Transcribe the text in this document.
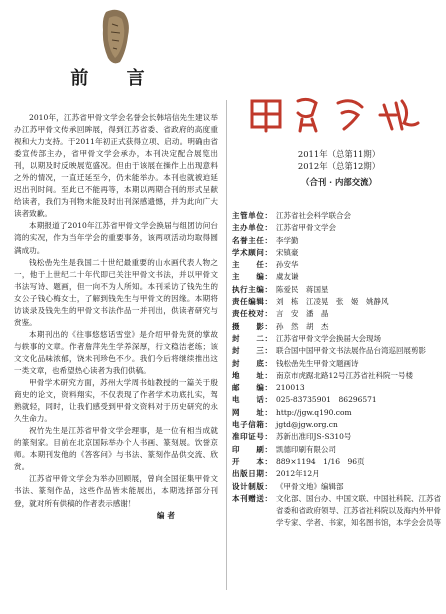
前 言

2010年，江苏省甲骨文学会名誉会长韩培信先生建议举办江苏甲骨文传承回眸展，得到江苏省委、省政府的高度重视和大力支持。于2011年初正式获得立项、启动。明确由省委宣传部主办，省甲骨文学会承办，本刊决定配合展览出刊，以期及时反映展览盛况。但由于该展在操作上出现意料之外的情况，一直迁延至今，仍未能举办。本刊也就被迫延迟出刊时间。至此已不能再等，本期以两期合刊的形式呈献给读者，我们为刊物未能及时出刊深感遗憾，并为此向广大读者致歉。

本期报道了2010年江苏省甲骨文学会换届与组团访问台湾的实况，作为当年学会的重要事务，该两项活动均取得圆满成功。

钱松嵒先生是我国二十世纪最重要的山水画代表人物之一，他于上世纪二十年代即已关注甲骨文书法，并以甲骨文书法写诗、题画，但一向不为人所知。本刊采访了钱先生的女公子钱心梅女士，了解到钱先生与甲骨文的因缘。本期将访谈录及钱先生的甲骨文书法作品一并刊出，供读者研究与赏鉴。

本期刊出的《往事悠悠话雪堂》是介绍甲骨先贤的掌故与轶事的文章。作者詹萍先生学养深厚，行文稳洁老练；该文文化品味浓郁，饶未刊珍色不少。我们今后将继续推出这一类文章，也希望热心读者为我们供稿。

甲骨学术研究方面，苏州大学周书灿教授的一篇关于殷商史的论文，资料翔实，不仅表现了作者学术功底扎实，驾熟就轻，同时，让我们感受到甲骨文资料对于历史研究的永久生命力。

祝竹先生是江苏省甲骨文学会理事，是一位有相当成就的篆刻家。目前在北京国际举办个人书画、篆刻展。饮誉京师。本期刊发他的《答客问》与书法、篆刻作品供交流、欣赏。

江苏省甲骨文学会为举办回顾展，曾向全国征集甲骨文书法、篆刻作品，这些作品皆未能展出，本期选择部分刊登，就对所有供稿的作者表示感谢！

编者
2011年（总第11期）
2012年（总第12期）
（合刊 · 内部交流）
主管单位： 江苏省社会科学联合会
主办单位： 江苏省甲骨文学会
名誉主任： 李学勤
学术顾问： 宋镇豪
主　　任： 孙安华
主　　编： 虞友谦
执行主编： 陈爱民　蒋国星
责任编辑： 刘　栋　江凌晃　张　姬　姚静风
责任校对： 言　安　潘　晶
摄　　影： 孙　然　胡　杰
封　　二： 江苏省甲骨文学会换届大会现场
封　　三： 联合国中国甲骨文书法展作品台湾巡回展剪影
封　　底： 钱松嵒先生甲骨文题画诗
地　　址： 南京市虎踞北路12号江苏省社科院一号楼
邮　　编： 210013
电　　话： 025-83735901　86296571
网　　址： http://jgw.q190.com
电子信箱： jgtd@jgw.org.cn
准印证号： 苏新出准印JS-S310号
印　　刷： 凯德印刷有限公司
开　　本： 889×1194　1/16　96页
出版日期： 2012年12月
设计制版： 《甲骨文地》编辑部
本刊赠送： 文化部、国台办、中国文联、中国社科院、江苏省省委和省政府领导、江苏省社科院以及海内外甲骨学专家、学者、书家，知名图书馆，本学会会员等
